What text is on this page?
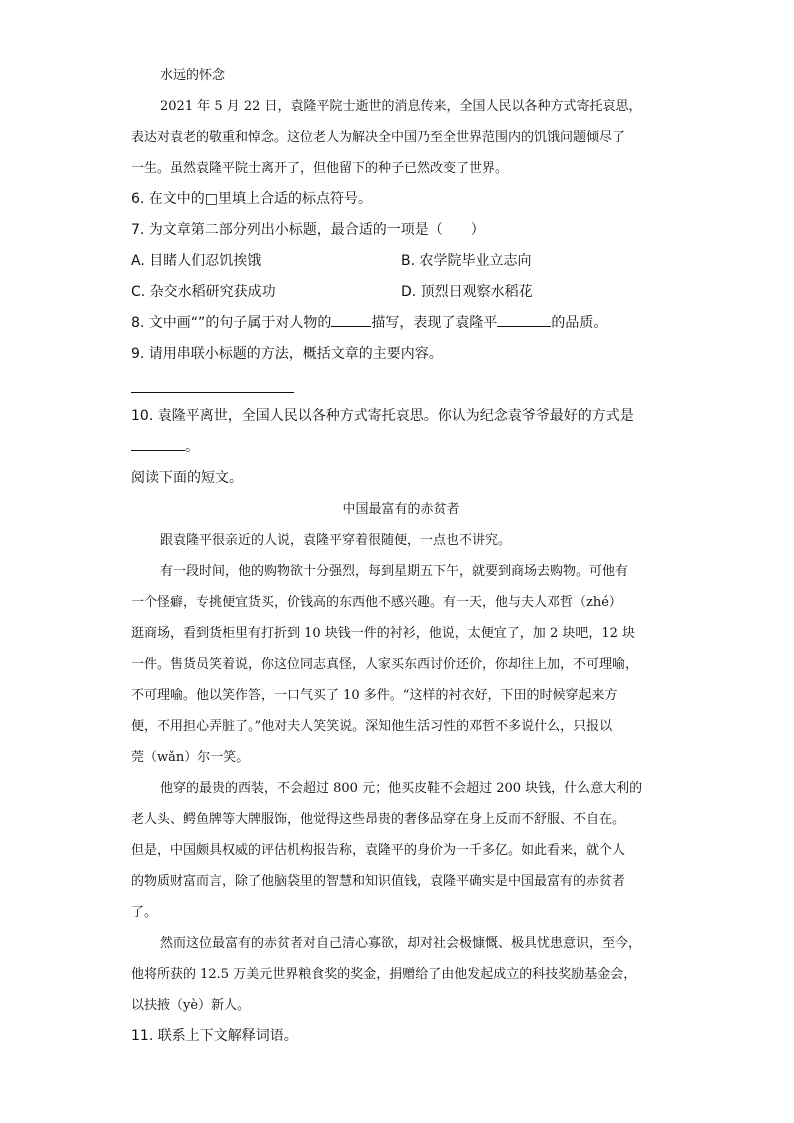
水远的怀念

2021 年 5 月 22 日，袁隆平院士逝世的消息传来，全国人民以各种方式寄托哀思，

表达对袁老的敬重和悼念。这位老人为解决全中国乃至全世界范围内的饥饿问题倾尽了

一生。虽然袁隆平院士离开了，但他留下的种子已然改变了世界。

6. 在文中的□里填上合适的标点符号。

7. 为文章第二部分列出小标题，最合适的一项是（　　）

A. 目睹人们忍饥挨饿	B. 农学院毕业立志向
C. 杂交水稻研究获成功	D. 顶烈日观察水稻花

8. 文中画“”的句子属于对人物的	描写，表现了袁隆平	的品质。

9. 请用串联小标题的方法，概括文章的主要内容。

10. 袁隆平离世，全国人民以各种方式寄托哀思。你认为纪念袁爷爷最好的方式是

。

阅读下面的短文。

中国最富有的赤贫者

跟袁隆平很亲近的人说，袁隆平穿着很随便，一点也不讲究。

有一段时间，他的购物欲十分强烈，每到星期五下午，就要到商场去购物。可他有

一个怪癖，专挑便宜货买，价钱高的东西他不感兴趣。有一天，他与夫人邓哲（zhé）

逛商场，看到货柜里有打折到 10 块钱一件的衬衫，他说，太便宜了，加 2 块吧，12 块

一件。售货员笑着说，你这位同志真怪，人家买东西讨价还价，你却往上加，不可理喻，

不可理喻。他以笑作答，一口气买了 10 多件。“这样的衬衣好，下田的时候穿起来方

便，不用担心弄脏了。”他对夫人笑笑说。深知他生活习性的邓哲不多说什么，只报以

莞（wǎn）尔一笑。

他穿的最贵的西装，不会超过 800 元；他买皮鞋不会超过 200 块钱，什么意大利的

老人头、鳄鱼牌等大牌服饰，他觉得这些昂贵的奢侈品穿在身上反而不舒服、不自在。

但是，中国颇具权威的评估机构报告称，袁隆平的身价为一千多亿。如此看来，就个人

的物质财富而言，除了他脑袋里的智慧和知识值钱，袁隆平确实是中国最富有的赤贫者

了。

然而这位最富有的赤贫者对自己清心寡欲，却对社会极慷慨、极具忧患意识，至今，

他将所获的 12.5 万美元世界粮食奖的奖金，捐赠给了由他发起成立的科技奖励基金会，

以扶掖（yè）新人。

11. 联系上下文解释词语。
